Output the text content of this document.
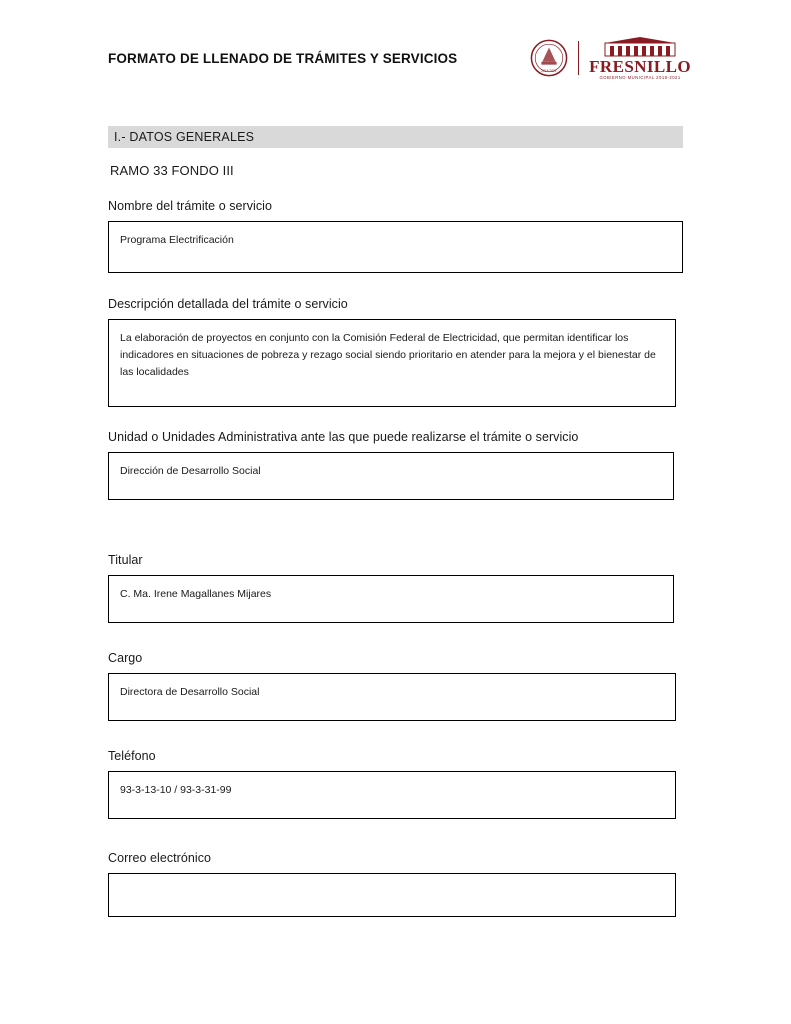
FORMATO DE LLENADO DE TRÁMITES Y SERVICIOS
2018-2021 FRESNILLO
GOBIERNO MUNICIPAL 2018-2021
I.- DATOS GENERALES
RAMO 33 FONDO III
Nombre del trámite o servicio

Programa Electrificación

Descripción detallada del trámite o servicio

La elaboración de proyectos en conjunto con la Comisión Federal de Electricidad, que permitan identificar los indicadores en situaciones de pobreza y rezago social siendo prioritario en atender para la mejora y el bienestar de las localidades

Unidad o Unidades Administrativa ante las que puede realizarse el trámite o servicio

Dirección de Desarrollo Social

Titular

C. Ma. Irene Magallanes Mijares

Cargo

Directora de Desarrollo Social

Teléfono

93-3-13-10 / 93-3-31-99

Correo electrónico
